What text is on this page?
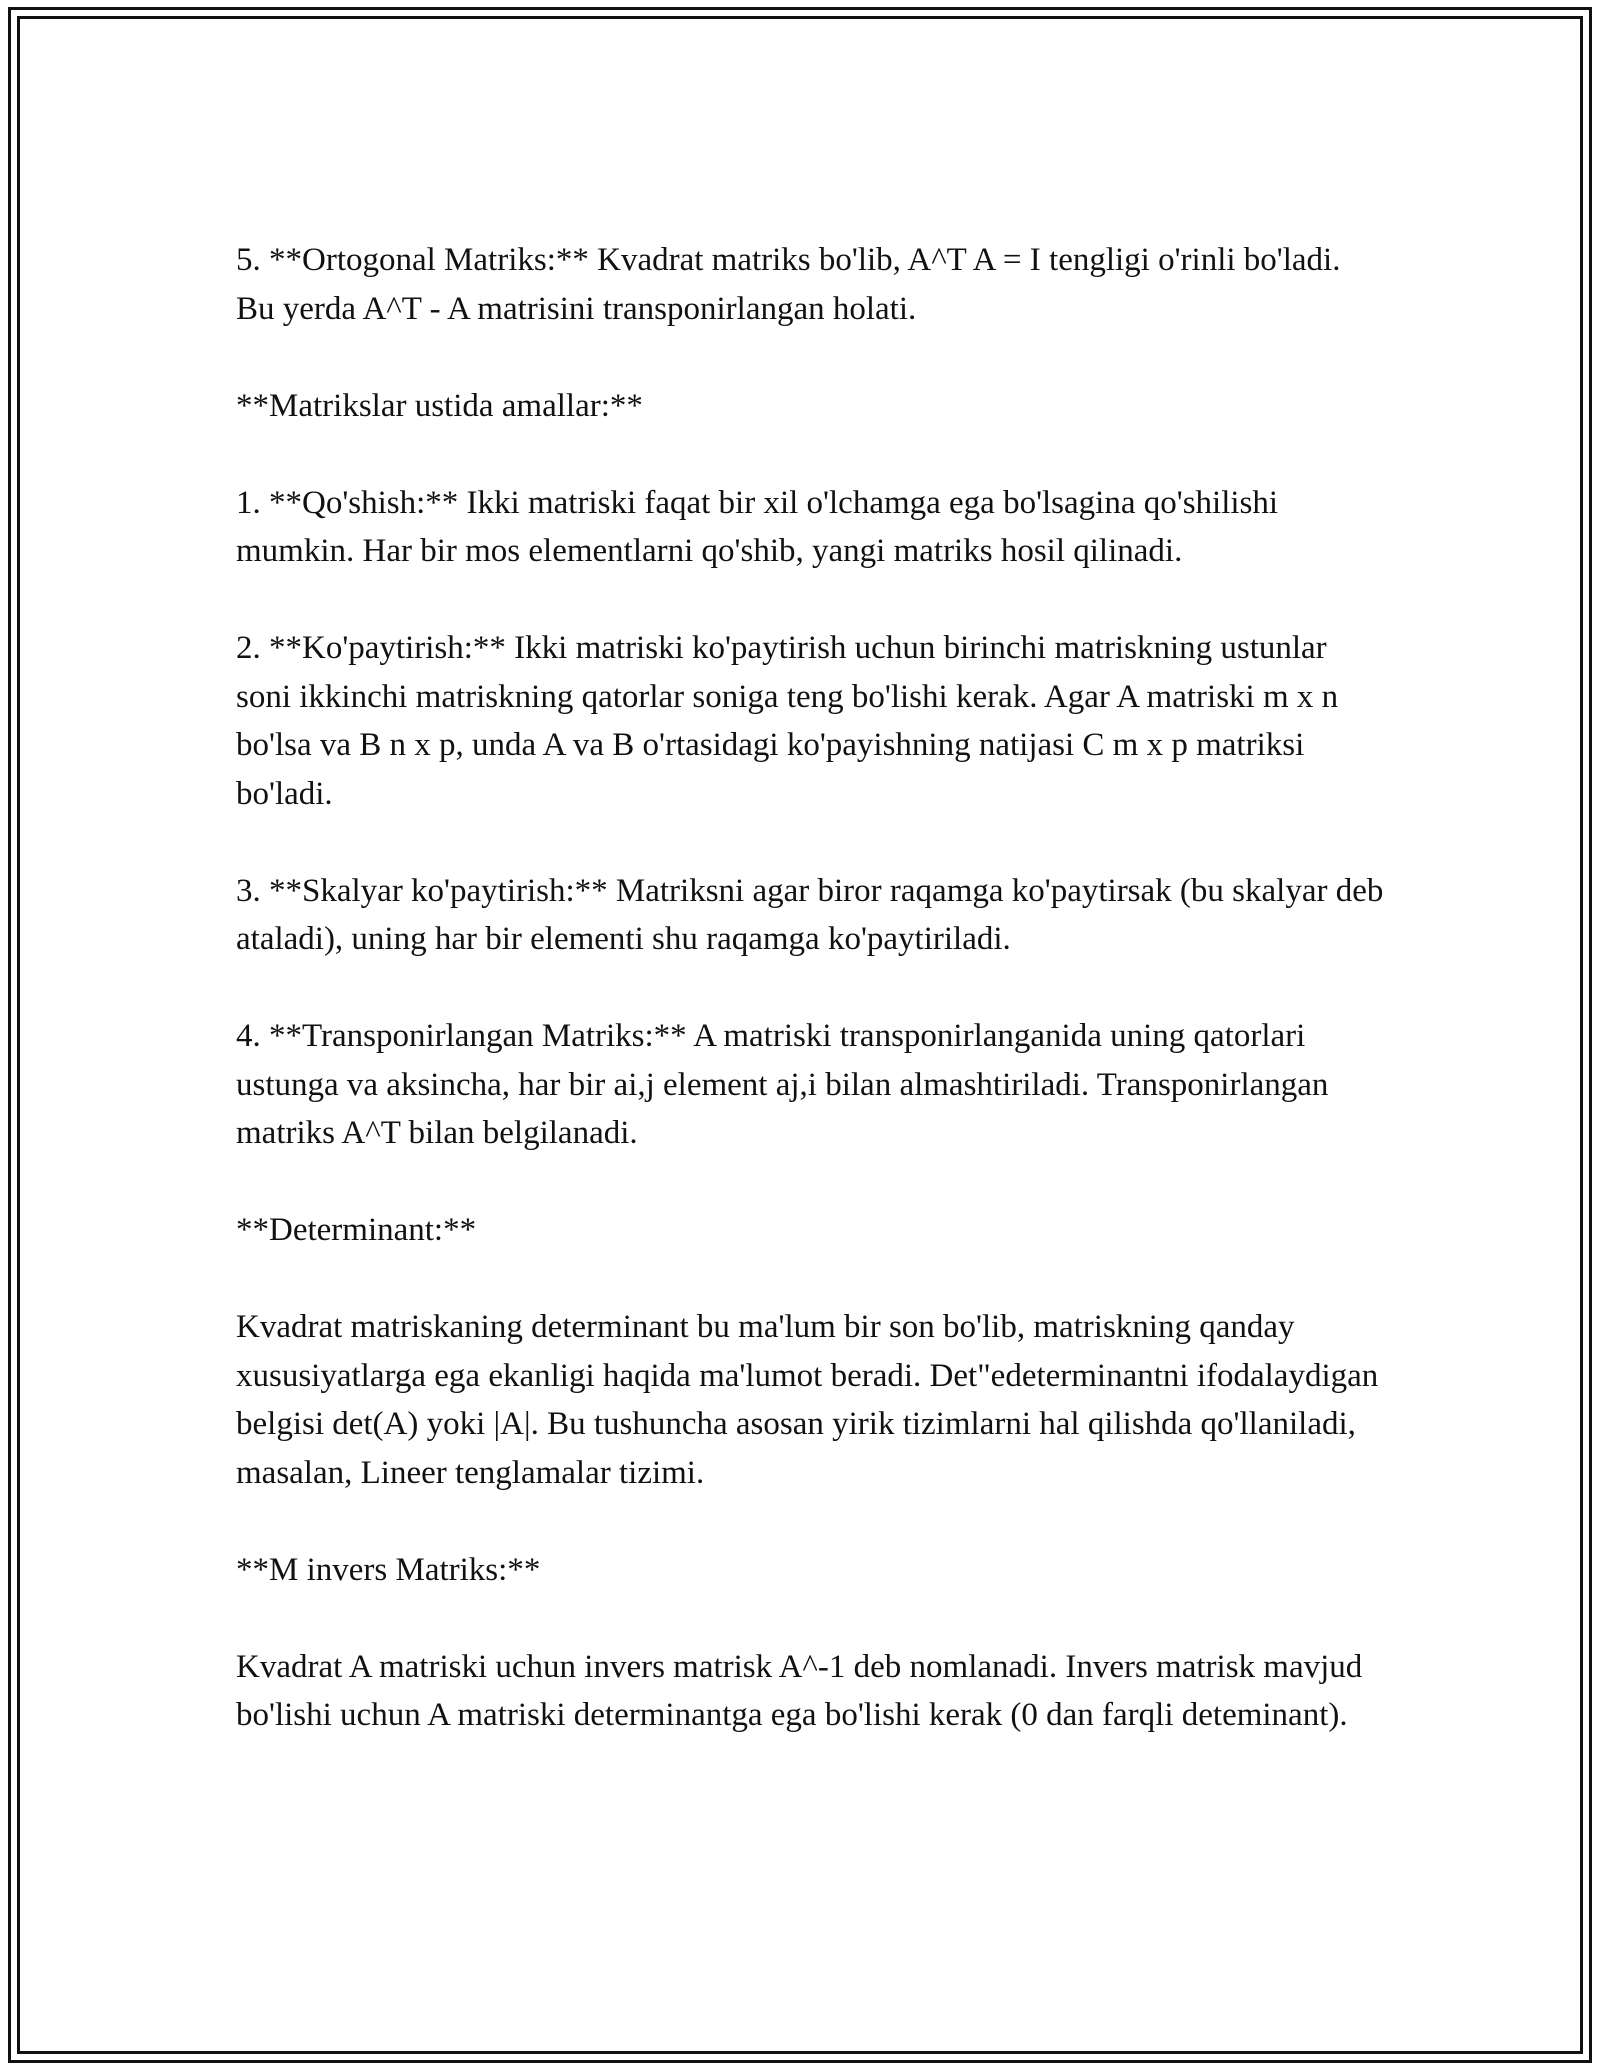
5. **Ortogonal Matriks:** Kvadrat matriks bo'lib, A^T A = I tengligi o'rinli bo'ladi. Bu yerda A^T - A matrisini transponirlangan holati.

**Matrikslar ustida amallar:**

1. **Qo'shish:** Ikki matriski faqat bir xil o'lchamga ega bo'lsagina qo'shilishi mumkin. Har bir mos elementlarni qo'shib, yangi matriks hosil qilinadi.

2. **Ko'paytirish:** Ikki matriski ko'paytirish uchun birinchi matriskning ustunlar soni ikkinchi matriskning qatorlar soniga teng bo'lishi kerak. Agar A matriski m x n bo'lsa va B n x p, unda A va B o'rtasidagi ko'payishning natijasi C m x p matriksi bo'ladi.

3. **Skalyar ko'paytirish:** Matriksni agar biror raqamga ko'paytirsak (bu skalyar deb ataladi), uning har bir elementi shu raqamga ko'paytiriladi.

4. **Transponirlangan Matriks:** A matriski transponirlanganida uning qatorlari ustunga va aksincha, har bir ai,j element aj,i bilan almashtiriladi. Transponirlangan matriks A^T bilan belgilanadi.

**Determinant:**

Kvadrat matriskaning determinant bu ma'lum bir son bo'lib, matriskning qanday xususiyatlarga ega ekanligi haqida ma'lumot beradi. Det"edeterminantni ifodalaydigan belgisi det(A) yoki |A|. Bu tushuncha asosan yirik tizimlarni hal qilishda qo'llaniladi, masalan, Lineer tenglamalar tizimi.

**M invers Matriks:**

Kvadrat A matriski uchun invers matrisk A^-1 deb nomlanadi. Invers matrisk mavjud bo'lishi uchun A matriski determinantga ega bo'lishi kerak (0 dan farqli deteminant).
